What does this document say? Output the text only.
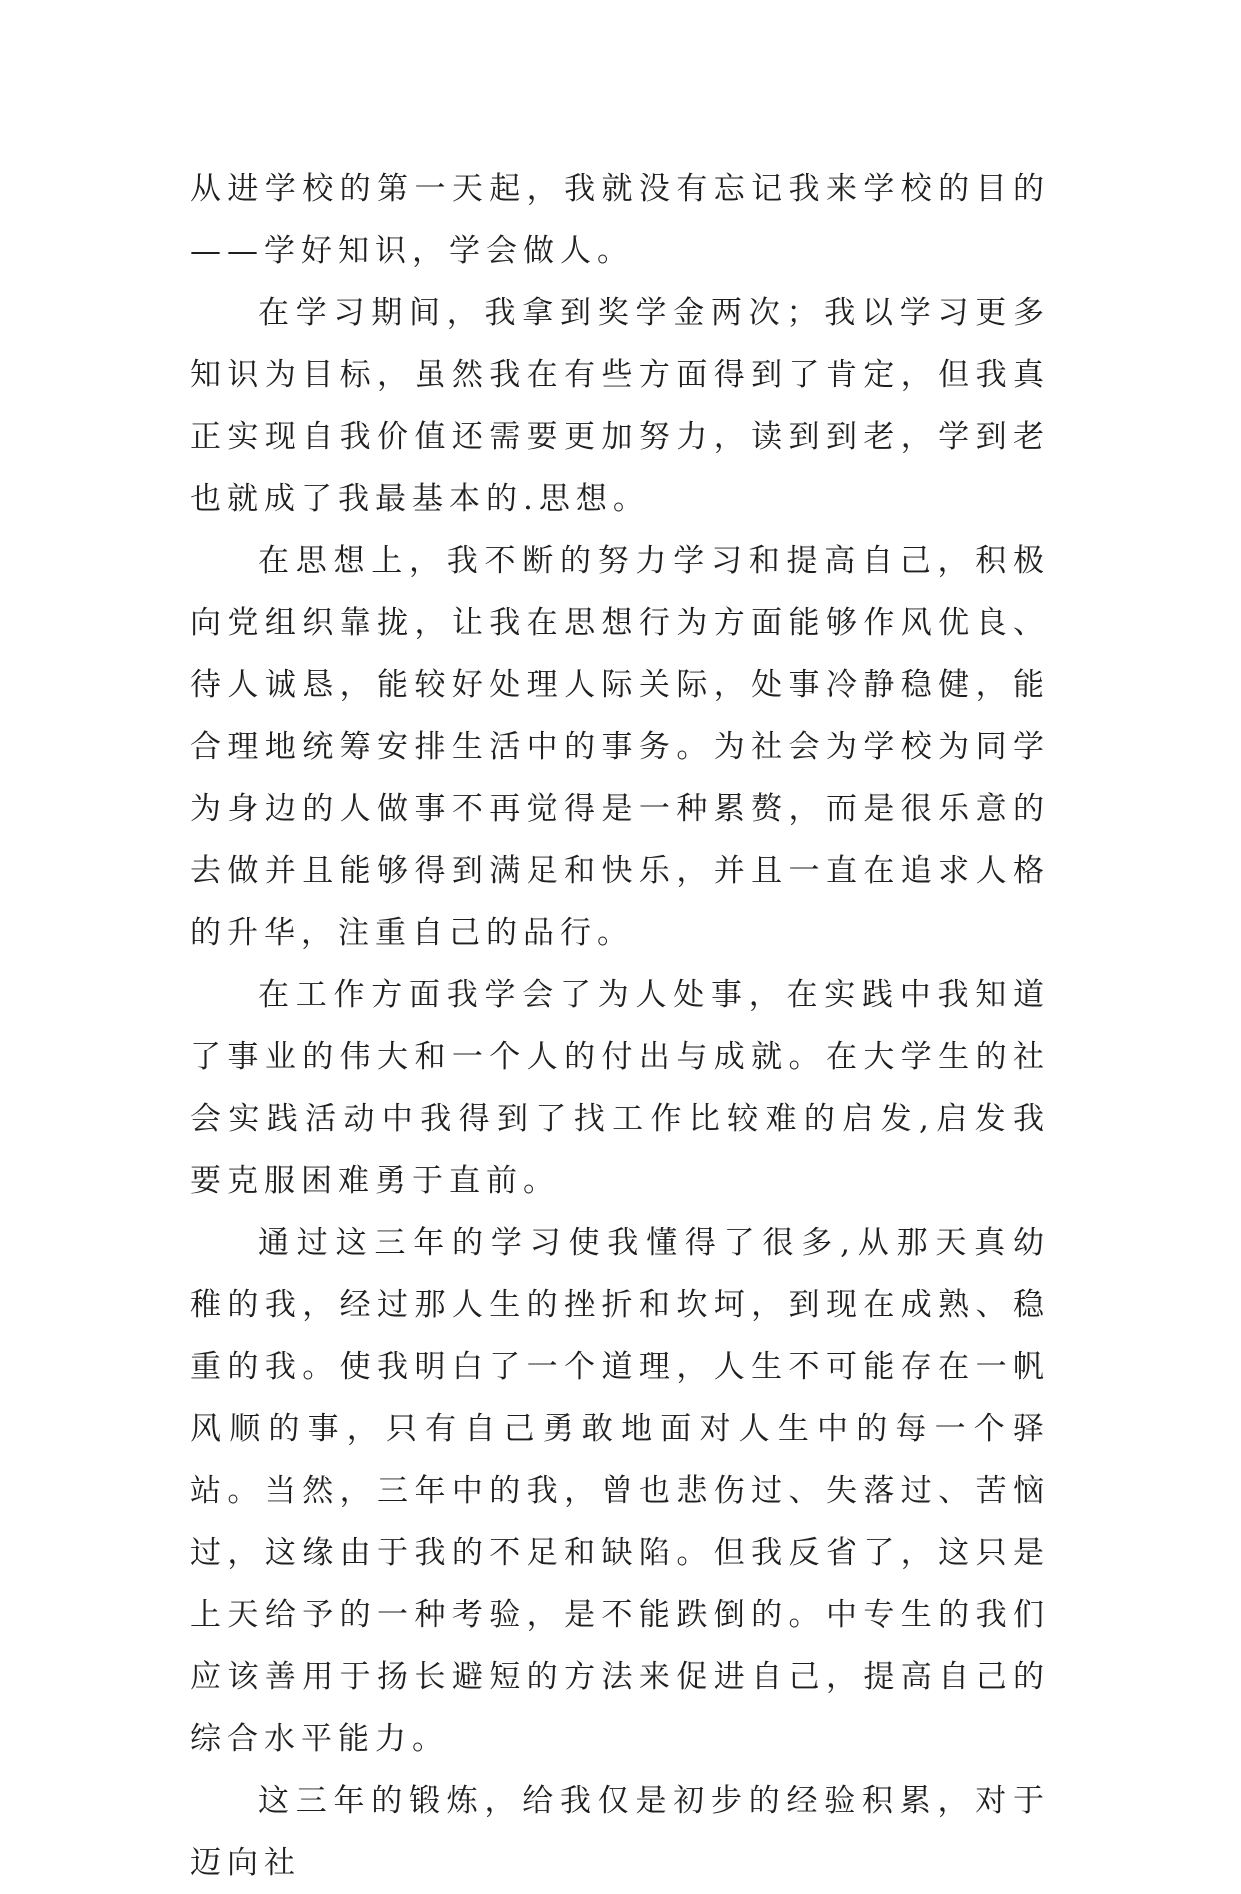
从进学校的第一天起，我就没有忘记我来学校的目的——学好知识，学会做人。

在学习期间，我拿到奖学金两次；我以学习更多知识为目标，虽然我在有些方面得到了肯定，但我真正实现自我价值还需要更加努力，读到到老，学到老也就成了我最基本的.思想。

在思想上，我不断的努力学习和提高自己，积极向党组织靠拢，让我在思想行为方面能够作风优良、待人诚恳，能较好处理人际关际，处事冷静稳健，能合理地统筹安排生活中的事务。为社会为学校为同学为身边的人做事不再觉得是一种累赘，而是很乐意的去做并且能够得到满足和快乐，并且一直在追求人格的升华，注重自己的品行。

在工作方面我学会了为人处事，在实践中我知道了事业的伟大和一个人的付出与成就。在大学生的社会实践活动中我得到了找工作比较难的启发,启发我要克服困难勇于直前。

通过这三年的学习使我懂得了很多,从那天真幼稚的我，经过那人生的挫折和坎坷，到现在成熟、稳重的我。使我明白了一个道理，人生不可能存在一帆风顺的事，只有自己勇敢地面对人生中的每一个驿站。当然，三年中的我，曾也悲伤过、失落过、苦恼过，这缘由于我的不足和缺陷。但我反省了，这只是上天给予的一种考验，是不能跌倒的。中专生的我们应该善用于扬长避短的方法来促进自己，提高自己的综合水平能力。

这三年的锻炼，给我仅是初步的经验积累，对于迈向社
